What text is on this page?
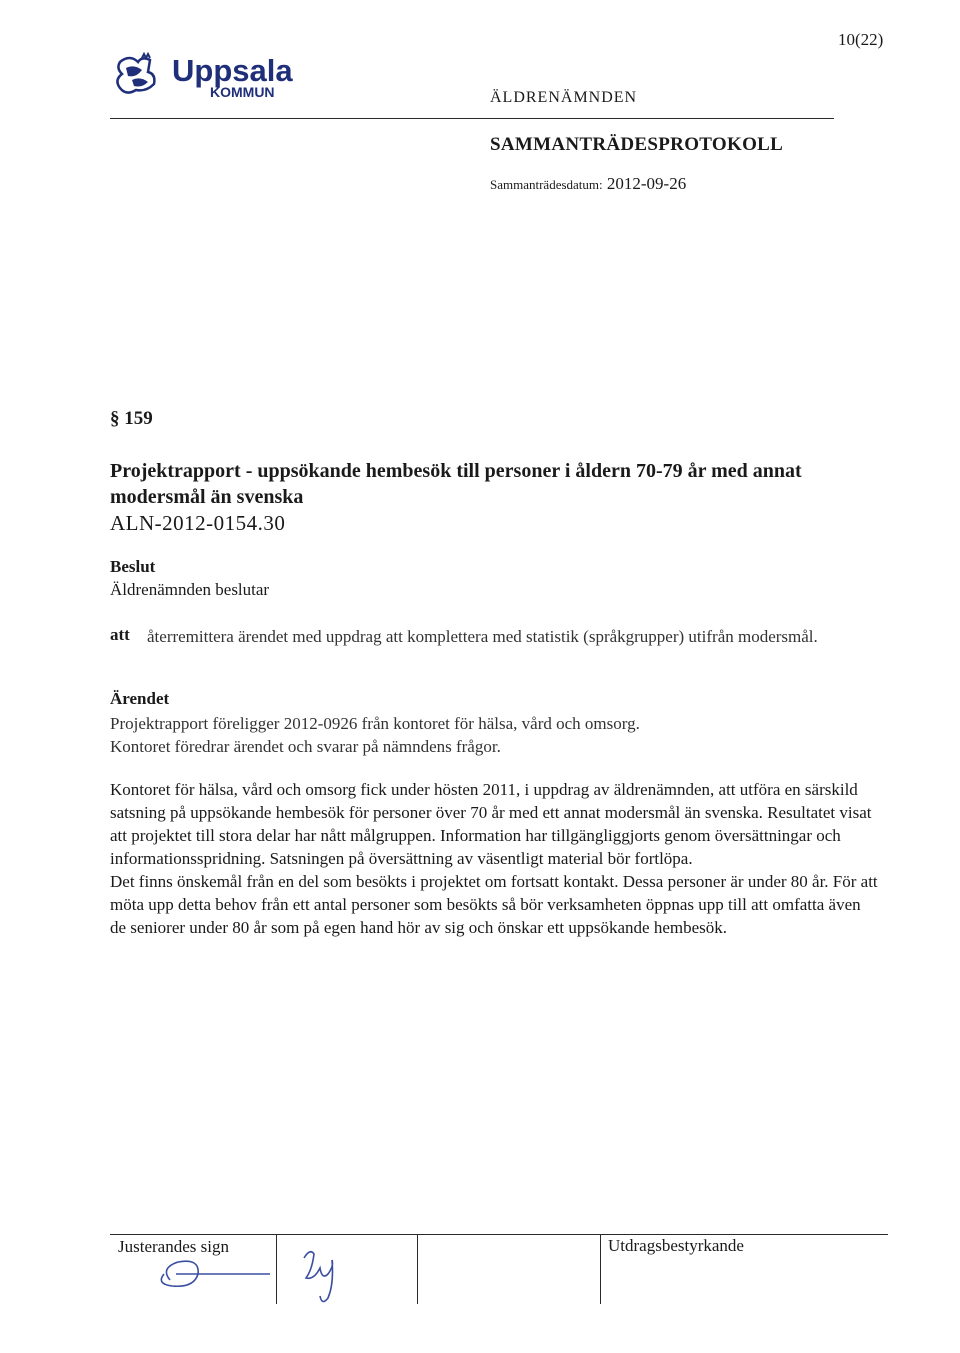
10(22)
Uppsala
KOMMUN	ÄLDRENÄMNDEN
SAMMANTRÄDESPROTOKOLL
Sammanträdesdatum: 2012-09-26
§ 159
Projektrapport - uppsökande hembesök till personer i åldern 70-79 år med annat modersmål än svenska
ALN-2012-0154.30
Beslut
Äldrenämnden beslutar
att återremittera ärendet med uppdrag att komplettera med statistik (språkgrupper) utifrån modersmål.
Ärendet
Projektrapport föreligger 2012-0926 från kontoret för hälsa, vård och omsorg.
Kontoret föredrar ärendet och svarar på nämndens frågor.

Kontoret för hälsa, vård och omsorg fick under hösten 2011, i uppdrag av äldrenämnden, att utföra en särskild satsning på uppsökande hembesök för personer över 70 år med ett annat modersmål än svenska. Resultatet visat att projektet till stora delar har nått målgruppen. Information har tillgängliggjorts genom översättningar och informationsspridning. Satsningen på översättning av väsentligt material bör fortlöpa.

Det finns önskemål från en del som besökts i projektet om fortsatt kontakt. Dessa personer är under 80 år. För att möta upp detta behov från ett antal personer som besökts så bör verksamheten öppnas upp till att omfatta även de seniorer under 80 år som på egen hand hör av sig och önskar ett uppsökande hembesök.

Justerandes sign	Utdragsbestyrkande
